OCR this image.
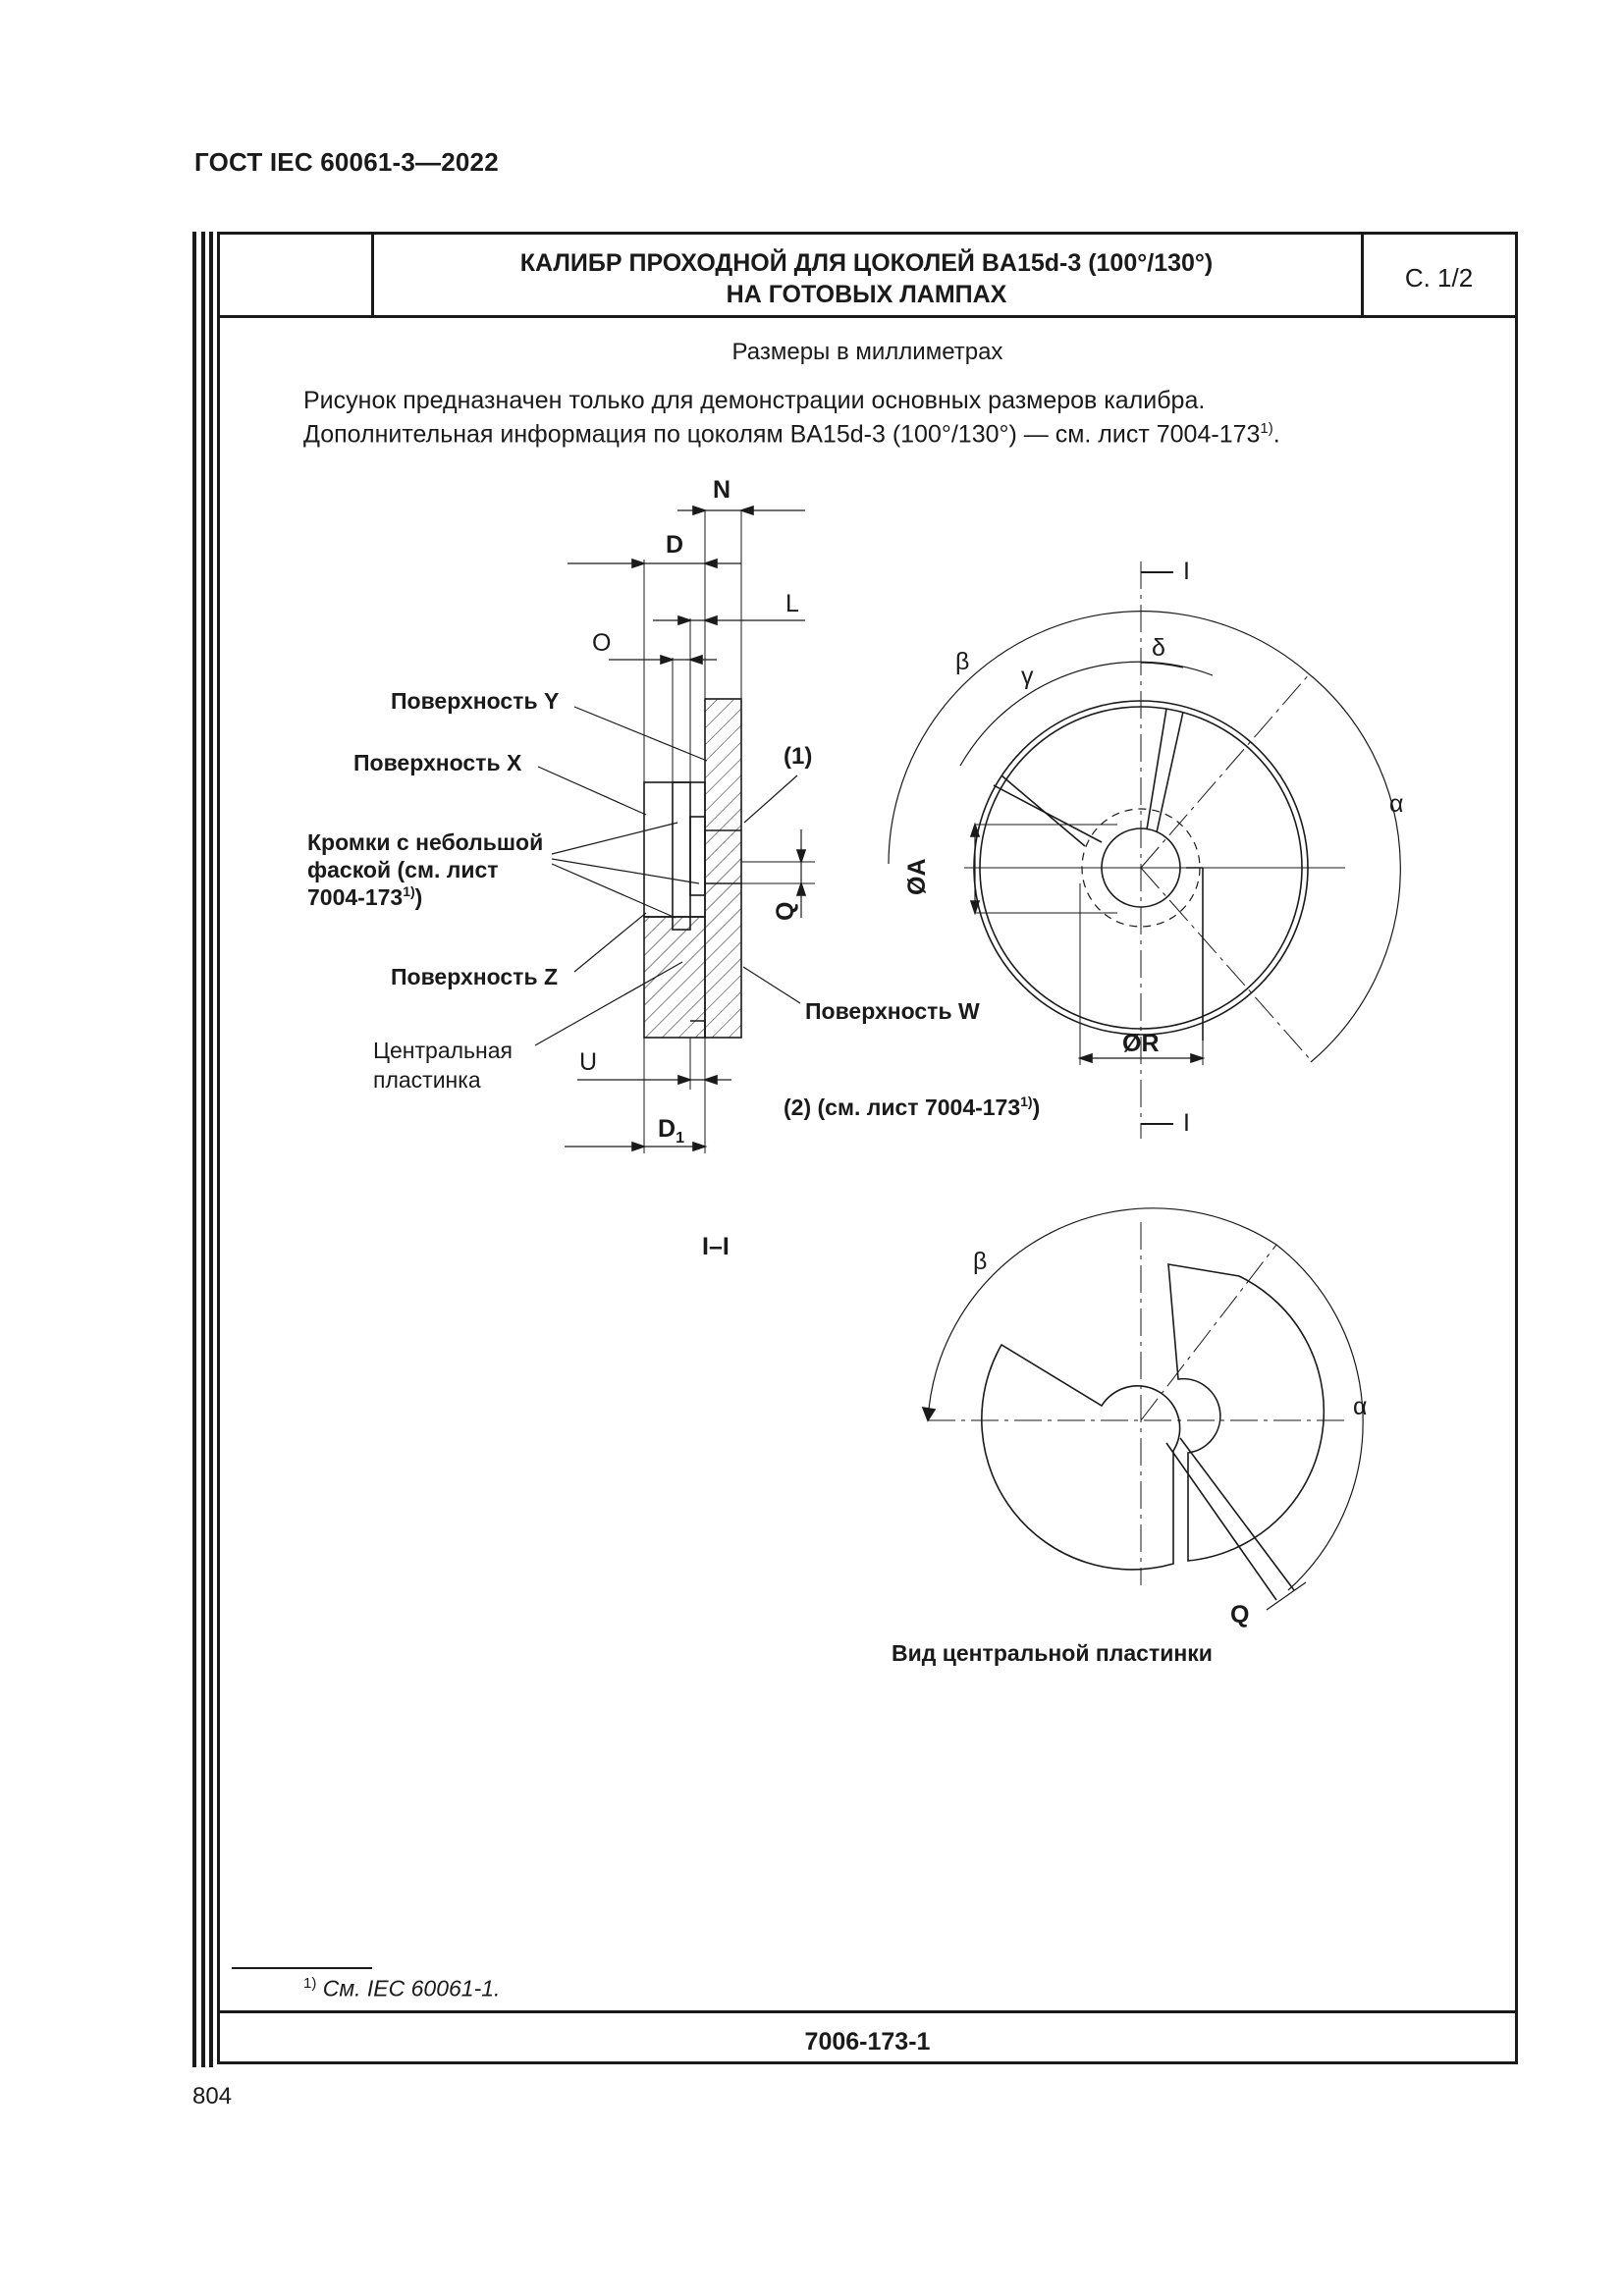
ГОСТ IEC 60061-3—2022
КАЛИБР ПРОХОДНОЙ ДЛЯ ЦОКОЛЕЙ BA15d-3 (100°/130°)
НА ГОТОВЫХ ЛАМПАХ
С. 1/2
Размеры в миллиметрах
Рисунок предназначен только для демонстрации основных размеров калибра.
Дополнительная информация по цоколям BA15d-3 (100°/130°) — см. лист 7004-173$^{1)}$.
N
D
L
O
Q
U
$D_1$
Поверхность Y
Поверхность X
Кромки с небольшой
фаской (см. лист
7004-173$^{1)}$)
Поверхность Z
Центральная
пластинка
(1)
Поверхность W
(2) (см. лист 7004-173$^{1)}$)
I
I
β
γ
δ
α
ØA
ØR
I–I
β
α
Q
Вид центральной пластинки
$^{1)}$ См. IEC 60061-1.
7006-173-1
804
